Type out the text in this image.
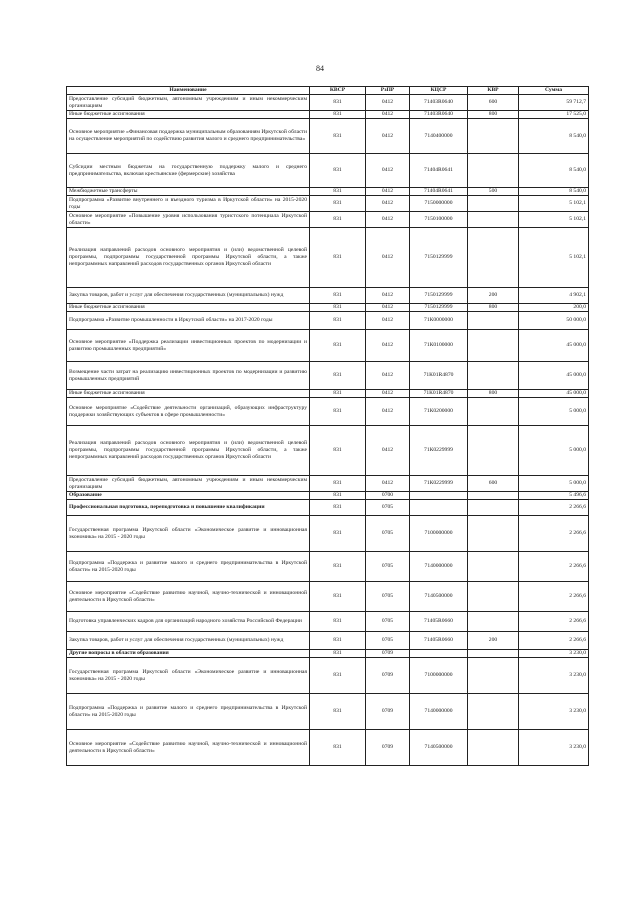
84
Наименование	КВСР	РзПР	КЦСР	КВР	Сумма
Предоставление субсидий бюджетным, автономным учреждениям и иным некоммерческим организациям	831	0412	71403R0640	600	59 712,7
Иные бюджетные ассигнования	831	0412	71403R0640	800	17 525,0
Основное мероприятие «Финансовая поддержка муниципальным образованиям Иркутской области на осуществление мероприятий по содействию развития малого и среднего предпринимательства»	831	0412	7140400000		8 540,0
Субсидии местным бюджетам на государственную поддержку малого и среднего предпринимательства, включая крестьянские (фермерские) хозяйства	831	0412	71404R0641		8 540,0
Межбюджетные трансферты	831	0412	71404R0641	500	8 540,0
Подпрограмма «Развитие внутреннего и въездного туризма в Иркутской области» на 2015-2020 годы	831	0412	7150000000		5 102,1
Основное мероприятие «Повышение уровня использования туристского потенциала Иркутской области»	831	0412	7150100000		5 102,1
Реализация направлений расходов основного мероприятия и (или) ведомственной целевой программы, подпрограммы государственной программы Иркутской области, а также непрограммных направлений расходов государственных органов Иркутской области	831	0412	7150129999		5 102,1
Закупка товаров, работ и услуг для обеспечения государственных (муниципальных) нужд	831	0412	7150129999	200	4 902,1
Иные бюджетные ассигнования	831	0412	7150129999	800	200,0
Подпрограмма «Развитие промышленности в Иркутской области» на 2017-2020 годы	831	0412	71К0000000		50 000,0
Основное мероприятие «Поддержка реализации инвестиционных проектов по модернизации и развитию промышленных предприятий»	831	0412	71К0100000		45 000,0
Возмещение части затрат на реализацию инвестиционных проектов по модернизации и развитию промышленных предприятий	831	0412	71К01R4870		45 000,0
Иные бюджетные ассигнования	831	0412	71К01R4870	800	45 000,0
Основное мероприятие «Содействие деятельности организаций, образующих инфраструктуру поддержки хозяйствующих субъектов в сфере промышленности»	831	0412	71К0200000		5 000,0
Реализация направлений расходов основного мероприятия и (или) ведомственной целевой программы, подпрограммы государственной программы Иркутской области, а также непрограммных направлений расходов государственных органов Иркутской области	831	0412	71К0229999		5 000,0
Предоставление субсидий бюджетным, автономным учреждениям и иным некоммерческим организациям	831	0412	71К0229999	600	5 000,0
Образование	831	0700			5 496,6
Профессиональная подготовка, переподготовка и повышение квалификации	831	0705			2 266,6
Государственная программа Иркутской области «Экономическое развитие и инновационная экономика» на 2015 - 2020 годы	831	0705	7100000000		2 266,6
Подпрограмма «Поддержка и развитие малого и среднего предпринимательства в Иркутской области» на 2015-2020 годы	831	0705	7140000000		2 266,6
Основное мероприятие «Содействие развитию научной, научно-технической и инновационной деятельности в Иркутской области»	831	0705	7140500000		2 266,6
Подготовка управленческих кадров для организаций народного хозяйства Российской Федерации	831	0705	71405R0660		2 266,6
Закупка товаров, работ и услуг для обеспечения государственных (муниципальных) нужд	831	0705	71405R0660	200	2 266,6
Другие вопросы в области образования	831	0709			3 230,0
Государственная программа Иркутской области «Экономическое развитие и инновационная экономика» на 2015 - 2020 годы	831	0709	7100000000		3 230,0
Подпрограмма «Поддержка и развитие малого и среднего предпринимательства в Иркутской области» на 2015-2020 годы	831	0709	7140000000		3 230,0
Основное мероприятие «Содействие развитию научной, научно-технической и инновационной деятельности в Иркутской области»	831	0709	7140500000		3 230,0
